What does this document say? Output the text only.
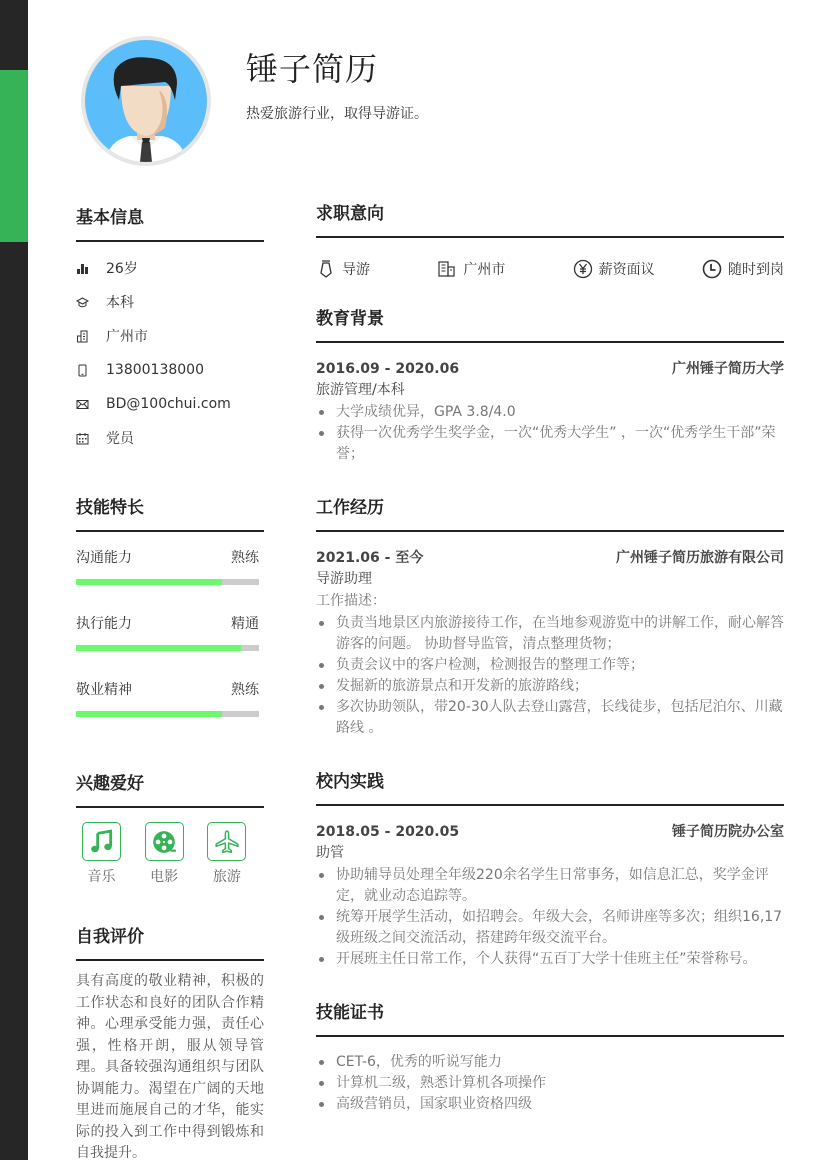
锤子简历
热爱旅游行业，取得导游证。
基本信息
26岁
本科
广州市
13800138000
BD@100chui.com
党员
技能特长
沟通能力	熟练
执行能力	精通
敬业精神	熟练
兴趣爱好
音乐	电影	旅游
自我评价

具有高度的敬业精神，积极的工作状态和良好的团队合作精神。心理承受能力强，责任心强，性格开朗，服从领导管理。具备较强沟通组织与团队协调能力。渴望在广阔的天地里进而施展自己的才华，能实际的投入到工作中得到锻炼和自我提升。

求职意向
导游	广州市	薪资面议	随时到岗
教育背景
2016.09 - 2020.06	广州锤子简历大学
旅游管理/本科
大学成绩优异，GPA 3.8/4.0
获得一次优秀学生奖学金，一次“优秀大学生” ，一次“优秀学生干部”荣誉；
工作经历
2021.06 - 至今	广州锤子简历旅游有限公司
导游助理
工作描述：
负责当地景区内旅游接待工作，在当地参观游览中的讲解工作，耐心解答游客的问题。 协助督导监管，清点整理货物；
负责会议中的客户检测，检测报告的整理工作等；
发掘新的旅游景点和开发新的旅游路线；
多次协助领队，带20-30人队去登山露营，长线徒步，包括尼泊尔、川藏路线 。
校内实践
2018.05 - 2020.05	锤子简历院办公室
助管
协助辅导员处理全年级220余名学生日常事务，如信息汇总，奖学金评定，就业动态追踪等。
统筹开展学生活动，如招聘会。年级大会，名师讲座等多次；组织16,17级班级之间交流活动，搭建跨年级交流平台。
开展班主任日常工作，个人获得“五百丁大学十佳班主任”荣誉称号。
技能证书
CET-6，优秀的听说写能力
计算机二级，熟悉计算机各项操作
高级营销员，国家职业资格四级
